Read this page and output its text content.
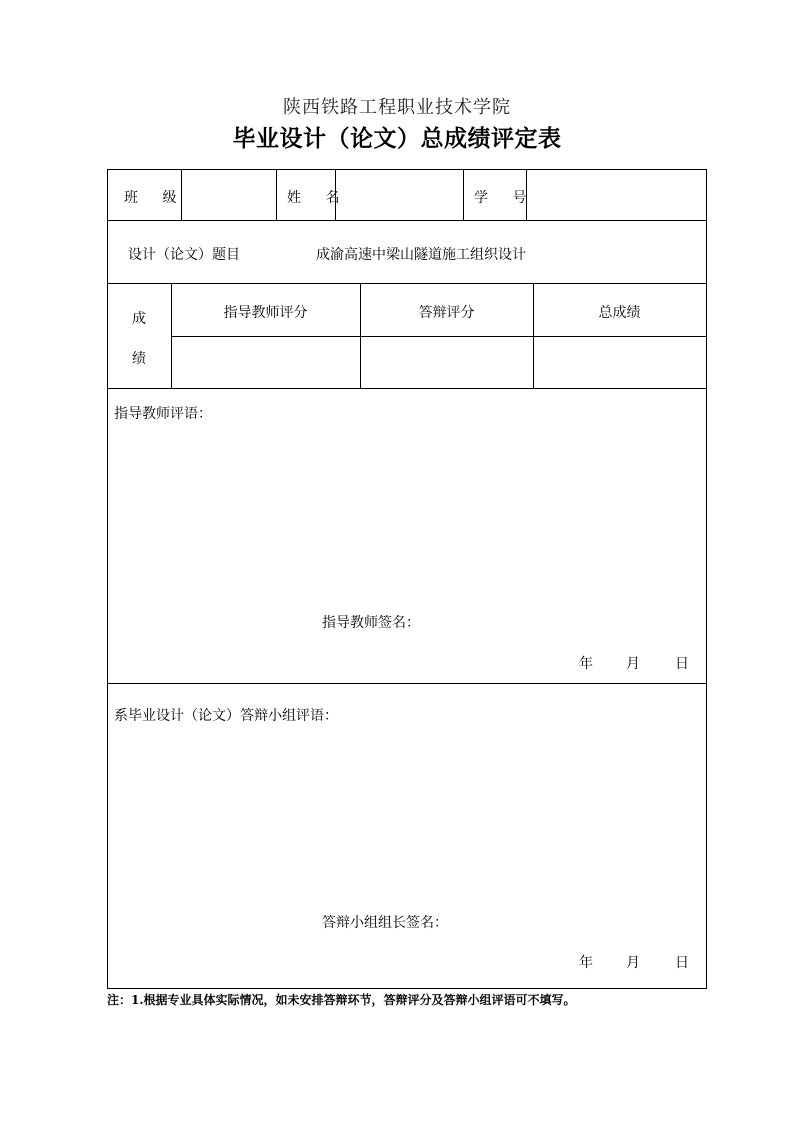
陕西铁路工程职业技术学院
毕业设计（论文）总成绩评定表
班 级	姓 名	学 号
设计（论文）题目	成渝高速中梁山隧道施工组织设计
成
绩
指导教师评分	答辩评分	总成绩
指导教师评语：
指导教师签名：
年 月	日
系毕业设计（论文）答辩小组评语：
答辩小组组长签名：
年 月	日
注：1.根据专业具体实际情况，如未安排答辩环节，答辩评分及答辩小组评语可不填写。
